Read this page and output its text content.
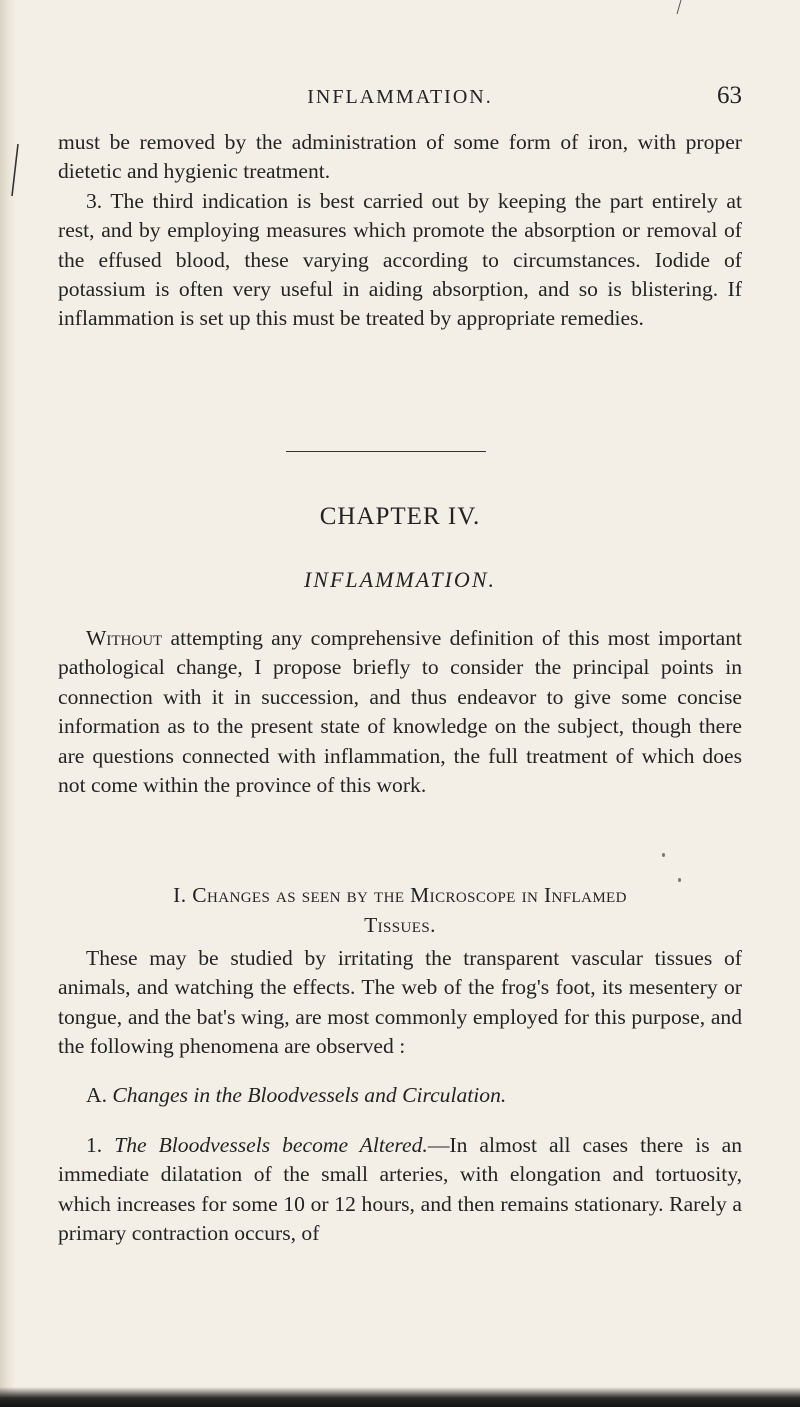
INFLAMMATION.	63

must be removed by the administration of some form of iron, with proper dietetic and hygienic treatment.

3. The third indication is best carried out by keeping the part entirely at rest, and by employing measures which promote the absorption or removal of the effused blood, these varying according to circumstances. Iodide of potassium is often very useful in aiding absorption, and so is blistering. If inflammation is set up this must be treated by appropriate remedies.

CHAPTER IV.
INFLAMMATION.

Without attempting any comprehensive definition of this most important pathological change, I propose briefly to consider the principal points in connection with it in succession, and thus endeavor to give some concise information as to the present state of knowledge on the subject, though there are questions connected with inflammation, the full treatment of which does not come within the province of this work.

I. Changes as seen by the Microscope in Inflamed
Tissues.

These may be studied by irritating the transparent vascular tissues of animals, and watching the effects. The web of the frog's foot, its mesentery or tongue, and the bat's wing, are most commonly employed for this purpose, and the following phenomena are observed :

A. Changes in the Bloodvessels and Circulation.

1. The Bloodvessels become Altered.—In almost all cases there is an immediate dilatation of the small arteries, with elongation and tortuosity, which increases for some 10 or 12 hours, and then remains stationary. Rarely a primary contraction occurs, of
